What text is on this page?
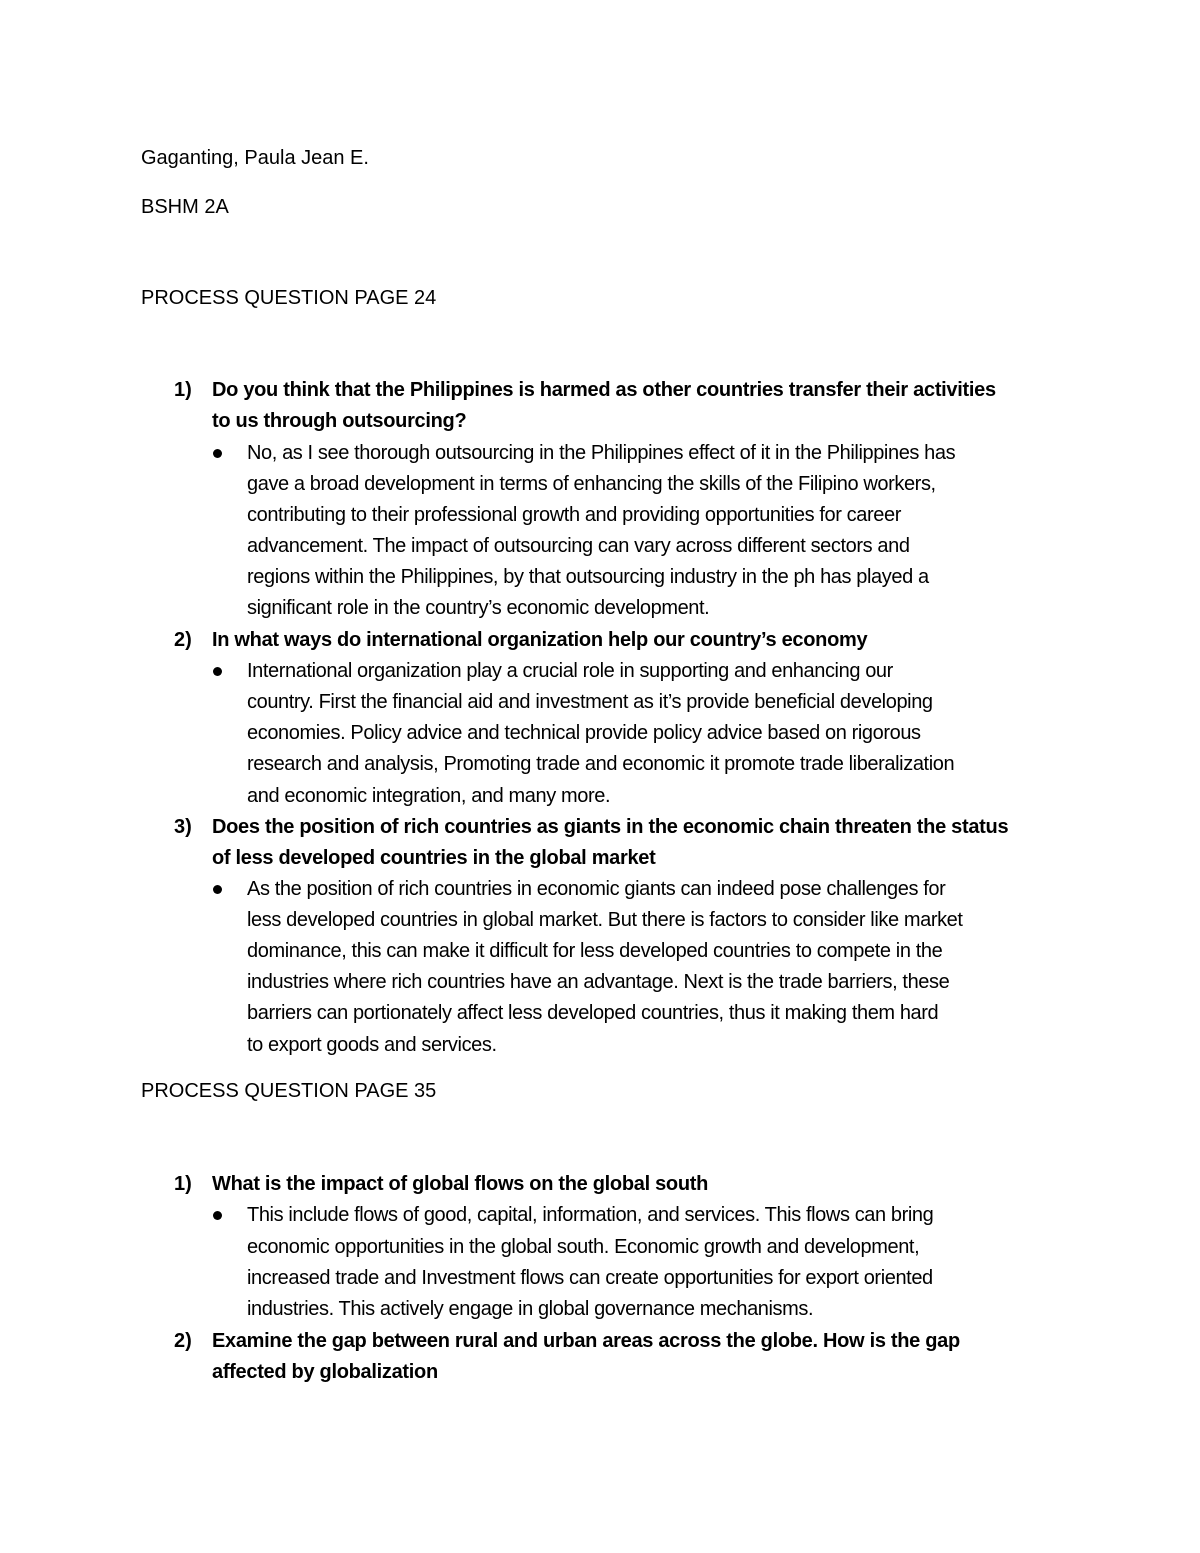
Gaganting, Paula Jean E.
BSHM 2A
PROCESS QUESTION PAGE 24
1) Do you think that the Philippines is harmed as other countries transfer their activities
to us through outsourcing?
No, as I see thorough outsourcing in the Philippines effect of it in the Philippines has
gave a broad development in terms of enhancing the skills of the Filipino workers,
contributing to their professional growth and providing opportunities for career
advancement. The impact of outsourcing can vary across different sectors and
regions within the Philippines, by that outsourcing industry in the ph has played a
significant role in the country’s economic development.
2) In what ways do international organization help our country’s economy
International organization play a crucial role in supporting and enhancing our
country. First the financial aid and investment as it’s provide beneficial developing
economies. Policy advice and technical provide policy advice based on rigorous
research and analysis, Promoting trade and economic it promote trade liberalization
and economic integration, and many more.
3) Does the position of rich countries as giants in the economic chain threaten the status
of less developed countries in the global market
As the position of rich countries in economic giants can indeed pose challenges for
less developed countries in global market. But there is factors to consider like market
dominance, this can make it difficult for less developed countries to compete in the
industries where rich countries have an advantage. Next is the trade barriers, these
barriers can portionately affect less developed countries, thus it making them hard
to export goods and services.
PROCESS QUESTION PAGE 35
1) What is the impact of global flows on the global south
This include flows of good, capital, information, and services. This flows can bring
economic opportunities in the global south. Economic growth and development,
increased trade and Investment flows can create opportunities for export oriented
industries. This actively engage in global governance mechanisms.
2) Examine the gap between rural and urban areas across the globe. How is the gap
affected by globalization
